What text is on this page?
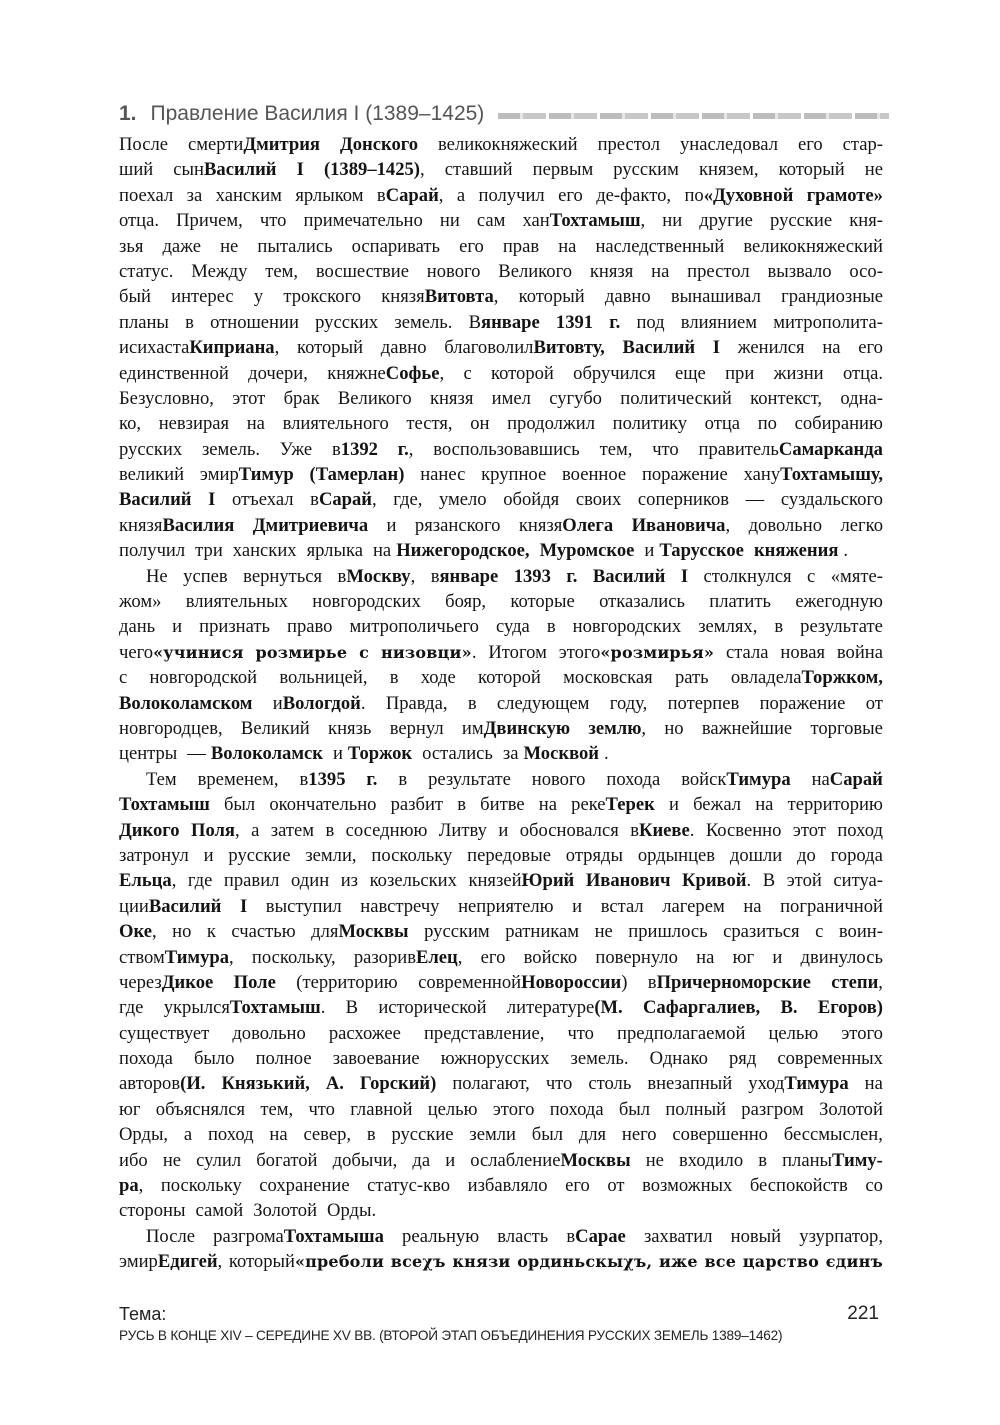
1. Правление Василия I (1389–1425)
После смертиДмитрия Донского великокняжеский престол унаследовал его стар-
ший сынВасилий I (1389–1425), ставший первым русским князем, который не
поехал за ханским ярлыком вСарай, а получил его де-факто, по«Духовной грамоте»
отца. Причем, что примечательно ни сам ханТохтамыш, ни другие русские кня-
зья даже не пытались оспаривать его прав на наследственный великокняжеский
статус. Между тем, восшествие нового Великого князя на престол вызвало осо-
бый интерес у трокского князяВитовта, который давно вынашивал грандиозные
планы в отношении русских земель. Вянваре 1391 г. под влиянием митрополита-
исихастаКиприана, который давно благоволилВитовту, Василий I женился на его
единственной дочери, княжнеСофье, с которой обручился еще при жизни отца.
Безусловно, этот брак Великого князя имел сугубо политический контекст, одна-
ко, невзирая на влиятельного тестя, он продолжил политику отца по собиранию
русских земель. Уже в1392 г., воспользовавшись тем, что правительСамарканда
великий эмирТимур (Тамерлан) нанес крупное военное поражение хануТохтамышу,
Василий I отъехал вСарай, где, умело обойдя своих соперников — суздальского
князяВасилия Дмитриевича и рязанского князяОлега Ивановича, довольно легко
получил три ханских ярлыка на Нижегородское, Муромское и Тарусское княжения .
Не успев вернуться вМоскву, вянваре 1393 г. Василий I столкнулся с «мяте-
жом» влиятельных новгородских бояр, которые отказались платить ежегодную
дань и признать право митрополичьего суда в новгородских землях, в результате
чего«учинися розмирье с низовци». Итогом этого«розмирья» стала новая война
с новгородской вольницей, в ходе которой московская рать овладелаТоржком,
Волоколамском иВологдой. Правда, в следующем году, потерпев поражение от
новгородцев, Великий князь вернул имДвинскую землю, но важнейшие торговые
центры — Волоколамск и Торжок остались за Москвой .
Тем временем, в1395 г. в результате нового похода войскТимура наСарай
Тохтамыш был окончательно разбит в битве на рекеТерек и бежал на территорию
Дикого Поля, а затем в соседнюю Литву и обосновался вКиеве. Косвенно этот поход
затронул и русские земли, поскольку передовые отряды ордынцев дошли до города
Ельца, где правил один из козельских князейЮрий Иванович Кривой. В этой ситуа-
цииВасилий I выступил навстречу неприятелю и встал лагерем на пограничной
Оке, но к счастью дляМосквы русским ратникам не пришлось сразиться с воин-
ствомТимура, поскольку, разоривЕлец, его войско повернуло на юг и двинулось
черезДикое Поле (территорию современнойНовороссии) вПричерноморские степи,
где укрылсяТохтамыш. В исторической литературе(М. Сафаргалиев, В. Егоров)
существует довольно расхожее представление, что предполагаемой целью этого
похода было полное завоевание южнорусских земель. Однако ряд современных
авторов(И. Князький, А. Горский) полагают, что столь внезапный уходТимура на
юг объяснялся тем, что главной целью этого похода был полный разгром Золотой
Орды, а поход на север, в русские земли был для него совершенно бессмыслен,
ибо не сулил богатой добычи, да и ослаблениеМосквы не входило в планыТиму-
ра, поскольку сохранение статус-кво избавляло его от возможных беспокойств со
стороны самой Золотой Орды.
После разгромаТохтамыша реальную власть вСарае захватил новый узурпатор,
эмирЕдигей, который«преболи всеχъ князи ординьскыχъ, иже все царство єдинъ
Тема:	221
РУСЬ В КОНЦЕ XIV – СЕРЕДИНЕ XV ВВ. (ВТОРОЙ ЭТАП ОБЪЕДИНЕНИЯ РУССКИХ ЗЕМЕЛЬ 1389–1462)
